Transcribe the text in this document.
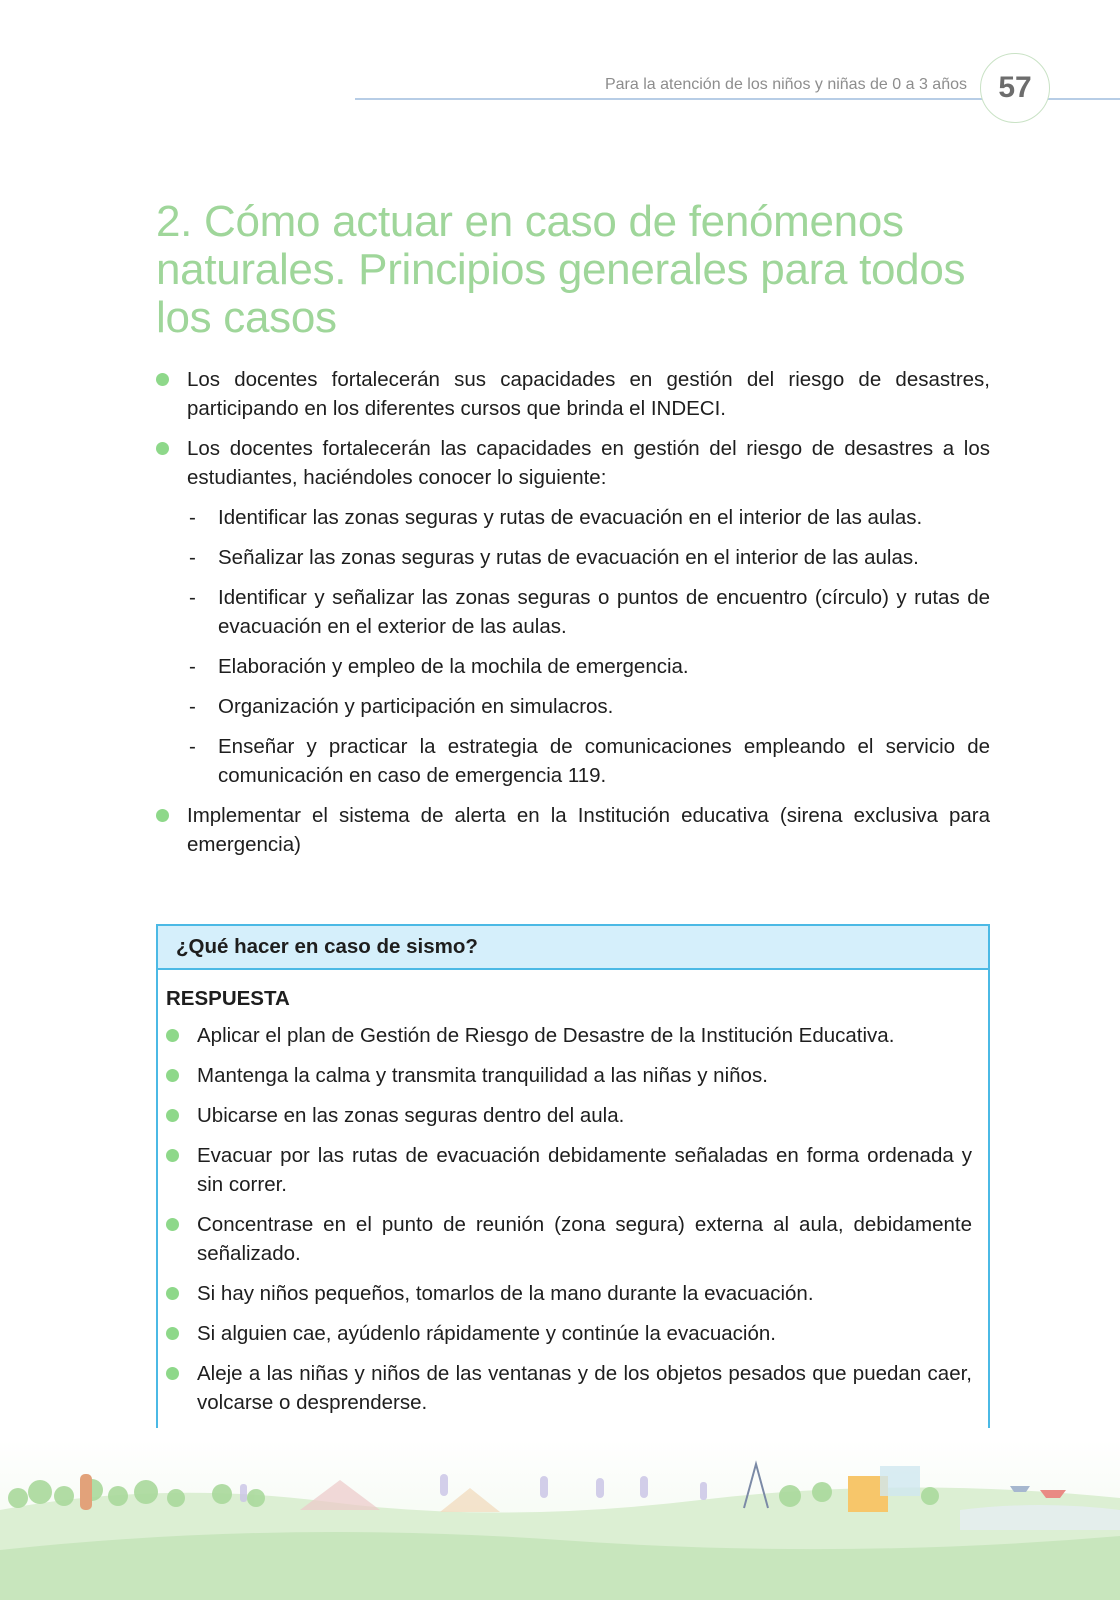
Para la atención de los niños y niñas de 0 a 3 años 57
2. Cómo actuar en caso de fenómenos naturales. Principios generales para todos los casos
Los docentes fortalecerán sus capacidades en gestión del riesgo de desastres, participando en los diferentes cursos que brinda el INDECI.
Los docentes fortalecerán las capacidades en gestión del riesgo de desastres a los estudiantes, haciéndoles conocer lo siguiente:
- Identificar las zonas seguras y rutas de evacuación en el interior de las aulas.
- Señalizar las zonas seguras y rutas de evacuación en el interior de las aulas.
- Identificar y señalizar las zonas seguras o puntos de encuentro (círculo) y rutas de evacuación en el exterior de las aulas.
- Elaboración y empleo de la mochila de emergencia.
- Organización y participación en simulacros.
- Enseñar y practicar la estrategia de comunicaciones empleando el servicio de comunicación en caso de emergencia 119.
Implementar el sistema de alerta en la Institución educativa (sirena exclusiva para emergencia)
¿Qué hacer en caso de sismo?
RESPUESTA
Aplicar el plan de Gestión de Riesgo de Desastre de la Institución Educativa.
Mantenga la calma y transmita tranquilidad a las niñas y niños.
Ubicarse en las zonas seguras dentro del aula.
Evacuar por las rutas de evacuación debidamente señaladas en forma ordenada y sin correr.
Concentrase en el punto de reunión (zona segura) externa al aula, debidamente señalizado.
Si hay niños pequeños, tomarlos de la mano durante la evacuación.
Si alguien cae, ayúdenlo rápidamente y continúe la evacuación.
Aleje a las niñas y niños de las ventanas y de los objetos pesados que puedan caer, volcarse o desprenderse.
